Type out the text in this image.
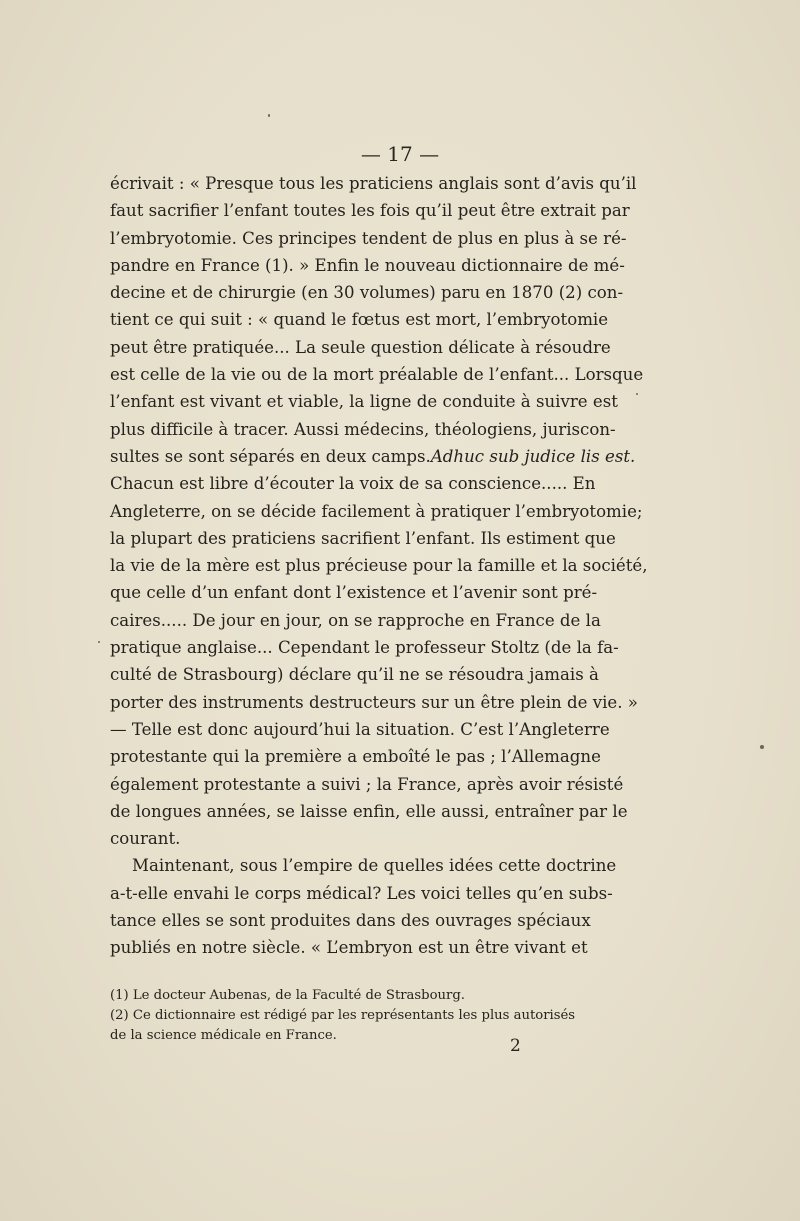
— 17 —
écrivait : « Presque tous les praticiens anglais sont d’avis qu’il
faut sacrifier l’enfant toutes les fois qu’il peut être extrait par
l’embryotomie. Ces principes tendent de plus en plus à se ré-
pandre en France (1). » Enfin le nouveau dictionnaire de mé-
decine et de chirurgie (en 30 volumes) paru en 1870 (2) con-
tient ce qui suit : « quand le fœtus est mort, l’embryotomie
peut être pratiquée... La seule question délicate à résoudre
est celle de la vie ou de la mort préalable de l’enfant... Lorsque
l’enfant est vivant et viable, la ligne de conduite à suivre est
plus difficile à tracer. Aussi médecins, théologiens, juriscon-
sultes se sont séparés en deux camps. Adhuc sub judice lis est.
Chacun est libre d’écouter la voix de sa conscience..... En
Angleterre, on se décide facilement à pratiquer l’embryotomie;
la plupart des praticiens sacrifient l’enfant. Ils estiment que
la vie de la mère est plus précieuse pour la famille et la société,
que celle d’un enfant dont l’existence et l’avenir sont pré-
caires..... De jour en jour, on se rapproche en France de la
pratique anglaise... Cependant le professeur Stoltz (de la fa-
culté de Strasbourg) déclare qu’il ne se résoudra jamais à
porter des instruments destructeurs sur un être plein de vie. »
— Telle est donc aujourd’hui la situation. C’est l’Angleterre
protestante qui la première a emboîté le pas ; l’Allemagne
également protestante a suivi ; la France, après avoir résisté
de longues années, se laisse enfin, elle aussi, entraîner par le
courant.
Maintenant, sous l’empire de quelles idées cette doctrine
a-t-elle envahi le corps médical? Les voici telles qu’en subs-
tance elles se sont produites dans des ouvrages spéciaux
publiés en notre siècle. « L’embryon est un être vivant et
(1) Le docteur Aubenas, de la Faculté de Strasbourg.
(2) Ce dictionnaire est rédigé par les représentants les plus autorisés
de la science médicale en France.
2
